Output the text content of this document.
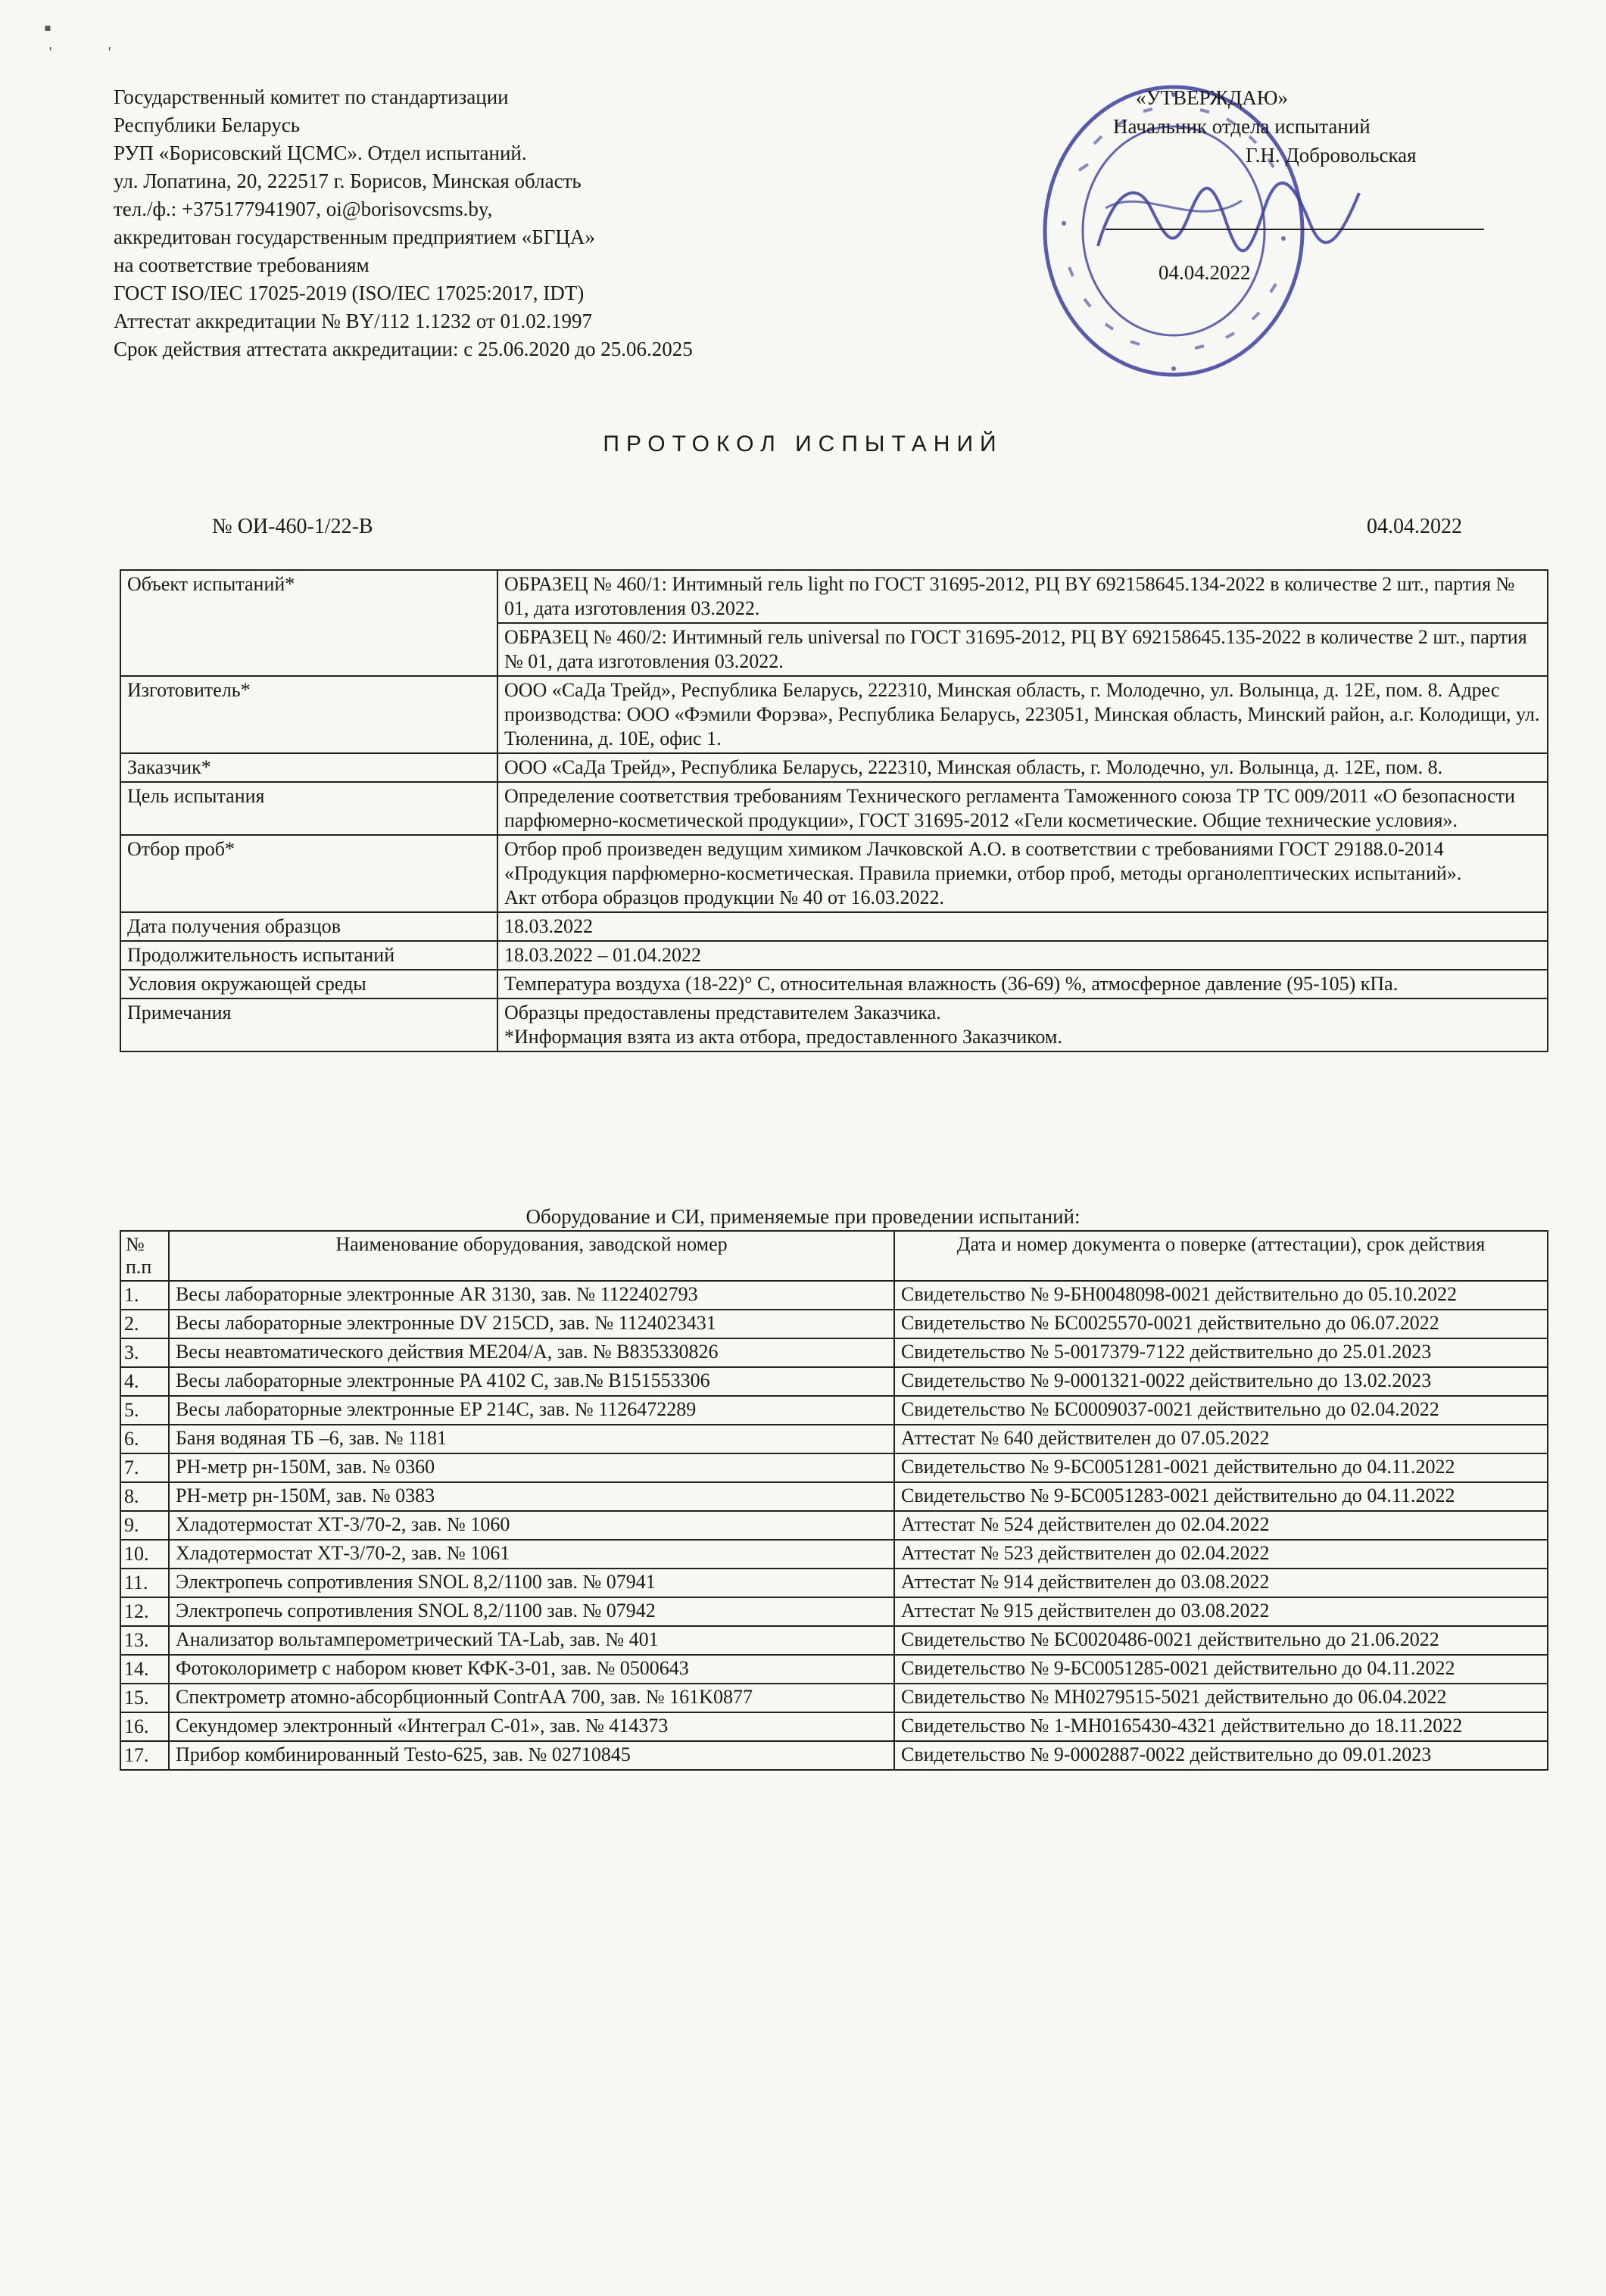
▪
ˈ ˈ
Государственный комитет по стандартизации
Республики Беларусь
РУП «Борисовский ЦСМС». Отдел испытаний.
ул. Лопатина, 20, 222517 г. Борисов, Минская область
тел./ф.: +375177941907, oi@borisovcsms.by,
аккредитован государственным предприятием «БГЦА»
на соответствие требованиям
ГОСТ ISO/IEC 17025-2019 (ISO/IEC 17025:2017, IDT)
Аттестат аккредитации № BY/112 1.1232 от 01.02.1997
Срок действия аттестата аккредитации: с 25.06.2020 до 25.06.2025
«УТВЕРЖДАЮ»
Начальник отдела испытаний
Г.Н. Добровольская
04.04.2022
ПРОТОКОЛ ИСПЫТАНИЙ
№ ОИ-460-1/22-В	04.04.2022
Объект испытаний*	ОБРАЗЕЦ № 460/1: Интимный гель light по ГОСТ 31695-2012, РЦ BY 692158645.134-2022 в количестве 2 шт., партия № 01, дата изготовления 03.2022.
	ОБРАЗЕЦ № 460/2: Интимный гель universal по ГОСТ 31695-2012, РЦ BY 692158645.135-2022 в количестве 2 шт., партия № 01, дата изготовления 03.2022.
Изготовитель*	ООО «СаДа Трейд», Республика Беларусь, 222310, Минская область, г. Молодечно, ул. Волынца, д. 12Е, пом. 8. Адрес производства: ООО «Фэмили Форэва», Республика Беларусь, 223051, Минская область, Минский район, а.г. Колодищи, ул. Тюленина, д. 10Е, офис 1.
Заказчик*	ООО «СаДа Трейд», Республика Беларусь, 222310, Минская область, г. Молодечно, ул. Волынца, д. 12Е, пом. 8.
Цель испытания	Определение соответствия требованиям Технического регламента Таможенного союза ТР ТС 009/2011 «О безопасности парфюмерно-косметической продукции», ГОСТ 31695-2012 «Гели косметические. Общие технические условия».
Отбор проб*	Отбор проб произведен ведущим химиком Лачковской А.О. в соответствии с требованиями ГОСТ 29188.0-2014 «Продукция парфюмерно-косметическая. Правила приемки, отбор проб, методы органолептических испытаний».
Акт отбора образцов продукции № 40 от 16.03.2022.

Дата получения образцов	18.03.2022
Продолжительность испытаний	18.03.2022 – 01.04.2022
Условия окружающей среды	Температура воздуха (18-22)° С, относительная влажность (36-69) %, атмосферное давление (95-105) кПа.
Примечания	Образцы предоставлены представителем Заказчика.
*Информация взята из акта отбора, предоставленного Заказчиком.
Оборудование и СИ, применяемые при проведении испытаний:
№ п.п	Наименование оборудования, заводской номер	Дата и номер документа о поверке (аттестации), срок действия
1.	Весы лабораторные электронные AR 3130, зав. № 1122402793	Свидетельство № 9-БН0048098-0021 действительно до 05.10.2022
2.	Весы лабораторные электронные DV 215CD, зав. № 1124023431	Свидетельство № БС0025570-0021 действительно до 06.07.2022
3.	Весы неавтоматического действия ME204/A, зав. № B835330826	Свидетельство № 5-0017379-7122 действительно до 25.01.2023
4.	Весы лабораторные электронные PA 4102 C, зав.№ B151553306	Свидетельство № 9-0001321-0022 действительно до 13.02.2023
5.	Весы лабораторные электронные EP 214C, зав. № 1126472289	Свидетельство № БС0009037-0021 действительно до 02.04.2022
6.	Баня водяная ТБ –6, зав. № 1181	Аттестат № 640 действителен до 07.05.2022
7.	PH-метр рн-150М, зав. № 0360	Свидетельство № 9-БС0051281-0021 действительно до 04.11.2022
8.	PH-метр рн-150М, зав. № 0383	Свидетельство № 9-БС0051283-0021 действительно до 04.11.2022
9.	Хладотермостат ХТ-3/70-2, зав. № 1060	Аттестат № 524 действителен до 02.04.2022
10.	Хладотермостат ХТ-3/70-2, зав. № 1061	Аттестат № 523 действителен до 02.04.2022
11.	Электропечь сопротивления SNOL 8,2/1100 зав. № 07941	Аттестат № 914 действителен до 03.08.2022
12.	Электропечь сопротивления SNOL 8,2/1100 зав. № 07942	Аттестат № 915 действителен до 03.08.2022
13.	Анализатор вольтамперометрический TA-Lab, зав. № 401	Свидетельство № БС0020486-0021 действительно до 21.06.2022
14.	Фотоколориметр с набором кювет КФК-3-01, зав. № 0500643	Свидетельство № 9-БС0051285-0021 действительно до 04.11.2022
15.	Спектрометр атомно-абсорбционный ContrAA 700, зав. № 161K0877	Свидетельство № МН0279515-5021 действительно до 06.04.2022
16.	Секундомер электронный «Интеграл С-01», зав. № 414373	Свидетельство № 1-МН0165430-4321 действительно до 18.11.2022
17.	Прибор комбинированный Testo-625, зав. № 02710845	Свидетельство № 9-0002887-0022 действительно до 09.01.2023
